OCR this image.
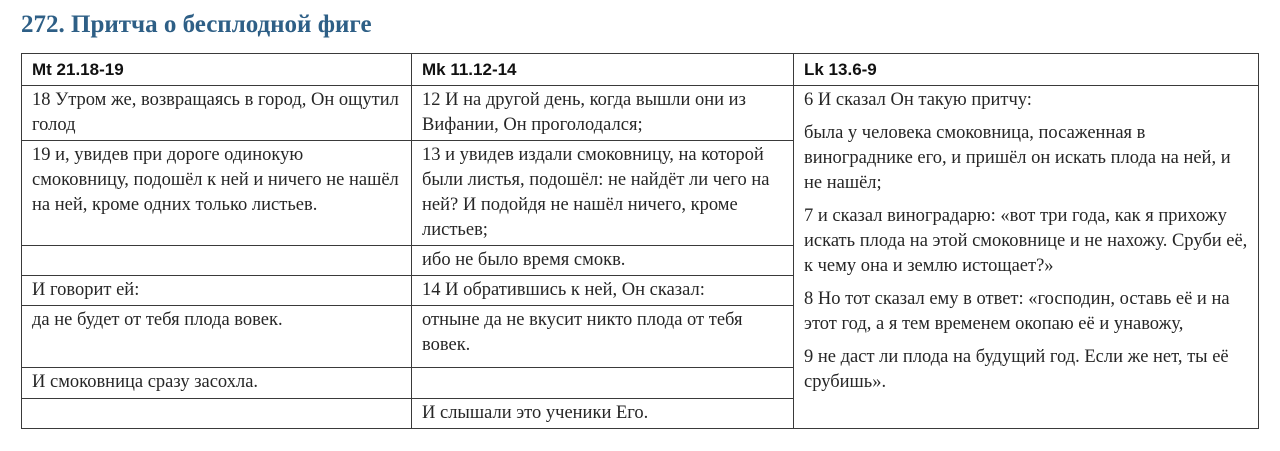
272. Притча о бесплодной фиге
Mt 21.18-19	Mk 11.12-14	Lk 13.6-9

18 Утром же, возвращаясь в город, Он ощутил голод	12 И на другой день, когда вышли они из Вифании, Он проголодался;	6 И сказал Он такую притчу:
была у человека смоковница, посаженная в винограднике его, и пришёл он искать плода на ней, и не нашёл;
7 и сказал виноградарю: «вот три года, как я прихожу искать плода на этой смоковнице и не нахожу. Сруби её, к чему она и землю истощает?»
8 Но тот сказал ему в ответ: «господин, оставь её и на этот год, а я тем временем окопаю её и унавожу,
9 не даст ли плода на будущий год. Если же нет, ты её срубишь».

19 и, увидев при дороге одинокую смоковницу, подошёл к ней и ничего не нашёл на ней, кроме одних только листьев.	13 и увидев издали смоковницу, на которой были листья, подошёл: не найдёт ли чего на ней? И подойдя не нашёл ничего, кроме листьев;	

	ибо не было время смокв.	

И говорит ей:	14 И обратившись к ней, Он сказал:	

да не будет от тебя плода вовек.	отныне да не вкусит никто плода от тебя вовек.	

И смоковница сразу засохла.		

	И слышали это ученики Его.	
